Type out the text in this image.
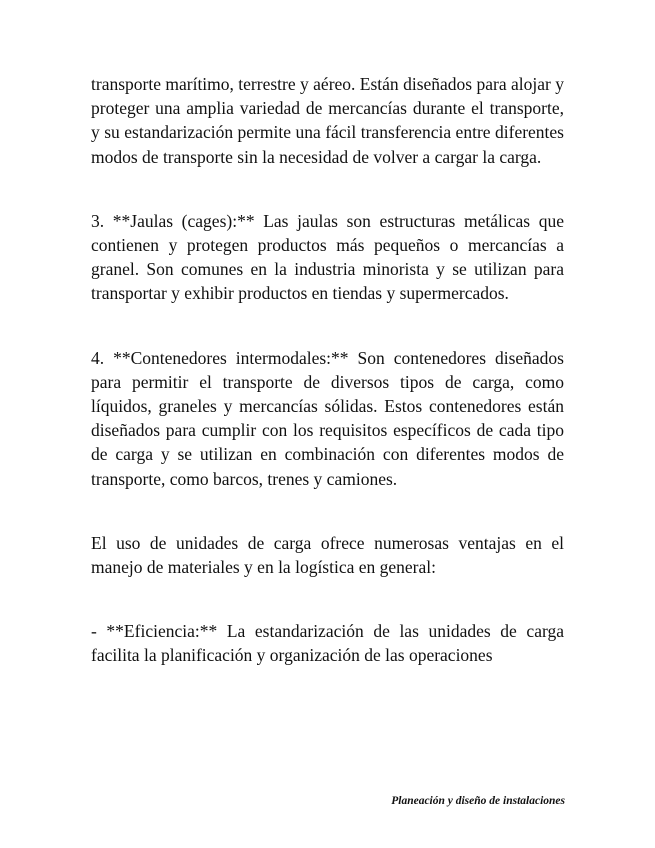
transporte marítimo, terrestre y aéreo. Están diseñados para alojar y proteger una amplia variedad de mercancías durante el transporte, y su estandarización permite una fácil transferencia entre diferentes modos de transporte sin la necesidad de volver a cargar la carga.

3. **Jaulas (cages):** Las jaulas son estructuras metálicas que contienen y protegen productos más pequeños o mercancías a granel. Son comunes en la industria minorista y se utilizan para transportar y exhibir productos en tiendas y supermercados.

4. **Contenedores intermodales:** Son contenedores diseñados para permitir el transporte de diversos tipos de carga, como líquidos, graneles y mercancías sólidas. Estos contenedores están diseñados para cumplir con los requisitos específicos de cada tipo de carga y se utilizan en combinación con diferentes modos de transporte, como barcos, trenes y camiones.

El uso de unidades de carga ofrece numerosas ventajas en el manejo de materiales y en la logística en general:

- **Eficiencia:** La estandarización de las unidades de carga facilita la planificación y organización de las operaciones

Planeación y diseño de instalaciones
